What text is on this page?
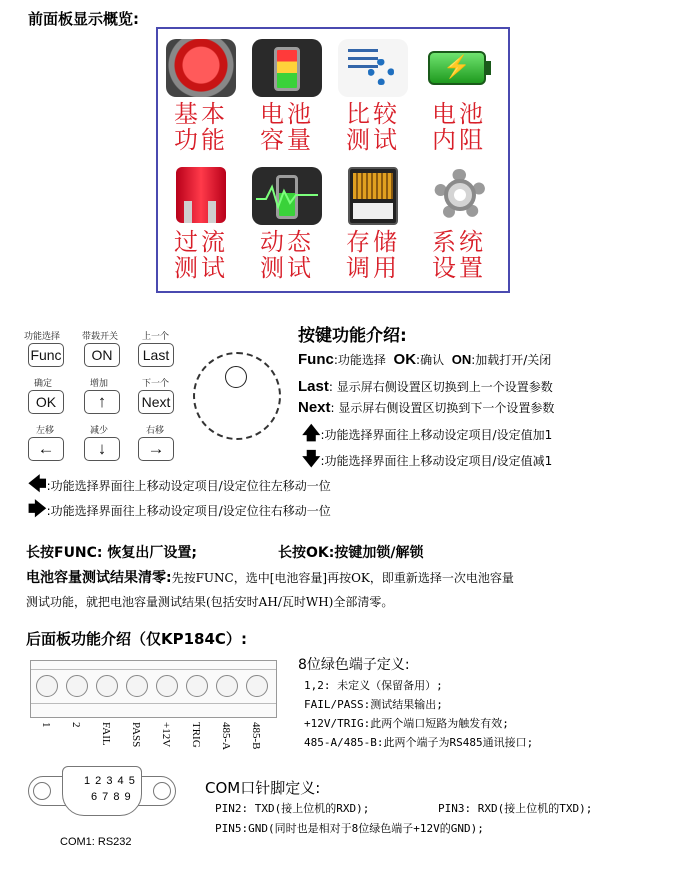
前面板显示概览:
基本
功能
电池
容量
比较
测试
⚡
电池
内阻
过流
测试
动态
测试
存储
调用
系统
设置
功能选择 带载开关	上一个
Func	ON	Last
确定	增加	下一个
OK	↑	Next
左移	减少	右移
←	↓	→
按键功能介绍:
Func:功能选择 OK:确认 ON:加载打开/关闭
Last: 显示屏右侧设置区切换到上一个设置参数
Next: 显示屏右侧设置区切换到下一个设置参数
🡅:功能选择界面往上移动设定项目/设定值加1
🡇:功能选择界面往上移动设定项目/设定值减1
🡄:功能选择界面往上移动设定项目/设定位往左移动一位
🡆:功能选择界面往上移动设定项目/设定位往右移动一位
长按FUNC: 恢复出厂设置;	长按OK:按键加锁/解锁
电池容量测试结果清零:先按FUNC，选中[电池容量]再按OK，即重新选择一次电池容量
测试功能，就把电池容量测试结果(包括安时AH/瓦时WH)全部清零。
后面板功能介绍（仅KP184C）:
1 2 FAIL PASS +12V TRIG 485-A 485-B
8位绿色端子定义:
1,2: 未定义（保留备用）;
FAIL/PASS:测试结果输出;
+12V/TRIG:此两个端口短路为触发有效;
485-A/485-B:此两个端子为RS485通讯接口;
1 2 3 4 5
6 7 8 9
COM1: RS232
COM口针脚定义:
PIN2: TXD(接上位机的RXD);	PIN3: RXD(接上位机的TXD);
PIN5:GND(同时也是相对于8位绿色端子+12V的GND);
